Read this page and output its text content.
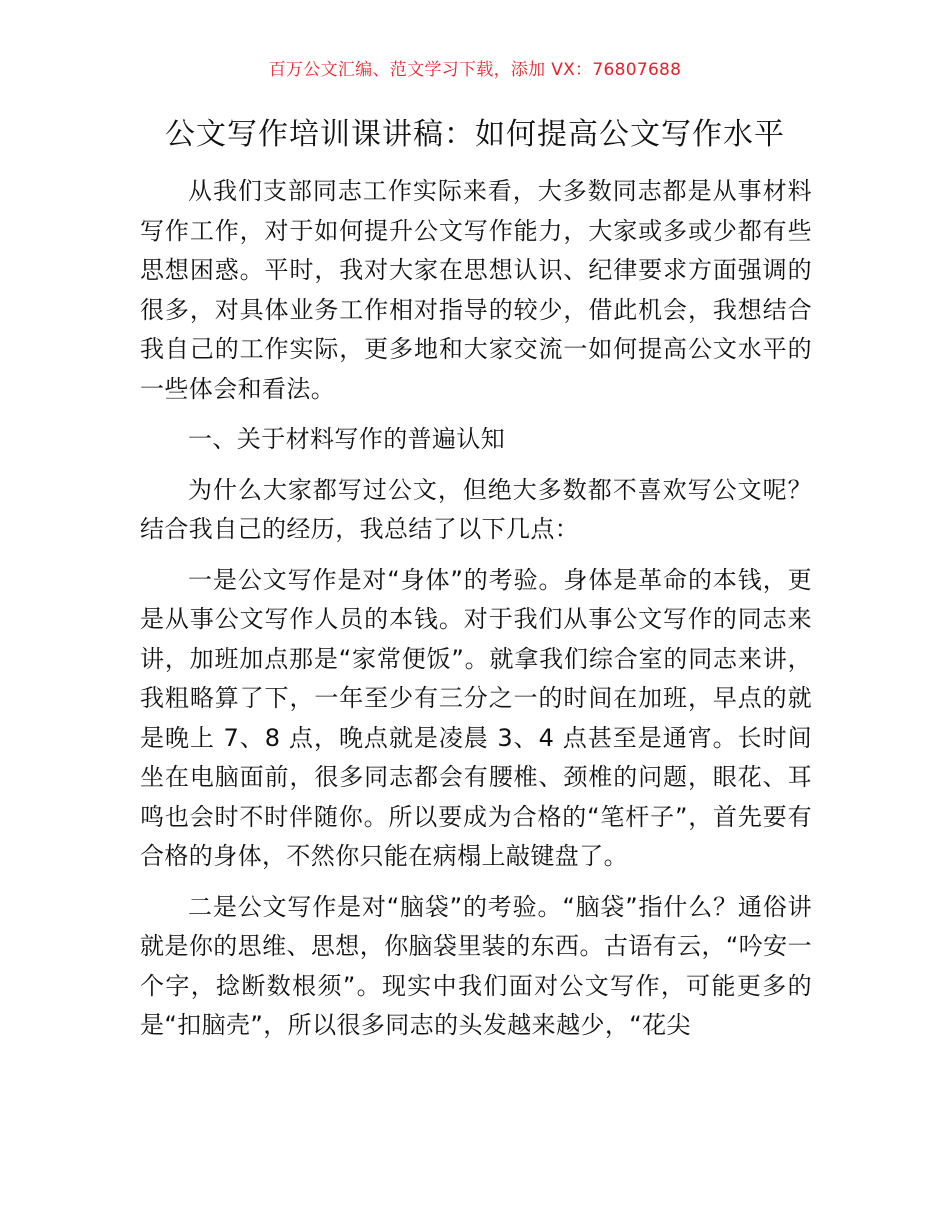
百万公文汇编、范文学习下载，添加 VX：76807688
公文写作培训课讲稿：如何提高公文写作水平

从我们支部同志工作实际来看，大多数同志都是从事材料写作工作，对于如何提升公文写作能力，大家或多或少都有些思想困惑。平时，我对大家在思想认识、纪律要求方面强调的很多，对具体业务工作相对指导的较少，借此机会，我想结合我自己的工作实际，更多地和大家交流一如何提高公文水平的一些体会和看法。

一、关于材料写作的普遍认知

为什么大家都写过公文，但绝大多数都不喜欢写公文呢？结合我自己的经历，我总结了以下几点：

一是公文写作是对“身体”的考验。身体是革命的本钱，更是从事公文写作人员的本钱。对于我们从事公文写作的同志来讲，加班加点那是“家常便饭”。就拿我们综合室的同志来讲，我粗略算了下，一年至少有三分之一的时间在加班，早点的就是晚上 7、8 点，晚点就是凌晨 3、4 点甚至是通宵。长时间坐在电脑面前，很多同志都会有腰椎、颈椎的问题，眼花、耳鸣也会时不时伴随你。所以要成为合格的“笔杆子”，首先要有合格的身体，不然你只能在病榻上敲键盘了。

二是公文写作是对“脑袋”的考验。“脑袋”指什么？通俗讲就是你的思维、思想，你脑袋里装的东西。古语有云，“吟安一个字，捻断数根须”。现实中我们面对公文写作，可能更多的是“扣脑壳”，所以很多同志的头发越来越少，“花尖
